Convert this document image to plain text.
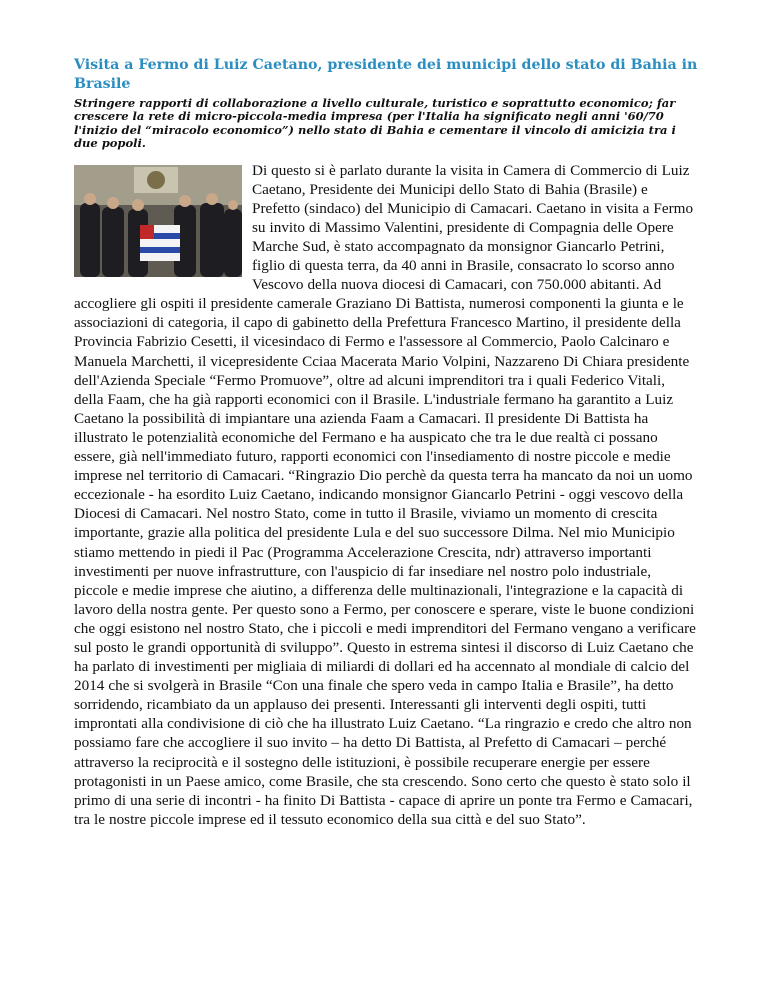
Visita a Fermo di Luiz Caetano, presidente dei municipi dello stato di Bahia in Brasile

Stringere rapporti di collaborazione a livello culturale, turistico e soprattutto economico; far crescere la rete di micro-piccola-media impresa (per l'Italia ha significato negli anni '60/70 l'inizio del “miracolo economico”) nello stato di Bahia e cementare il vincolo di amicizia tra i due popoli.

Di questo si è parlato durante la visita in Camera di Commercio di Luiz Caetano, Presidente dei Municipi dello Stato di Bahia (Brasile) e Prefetto (sindaco) del Municipio di Camacari. Caetano in visita a Fermo su invito di Massimo Valentini, presidente di Compagnia delle Opere Marche Sud, è stato accompagnato da monsignor Giancarlo Petrini, figlio di questa terra, da 40 anni in Brasile, consacrato lo scorso anno Vescovo della nuova diocesi di Camacari, con 750.000 abitanti. Ad accogliere gli ospiti il presidente camerale Graziano Di Battista, numerosi componenti la giunta e le associazioni di categoria, il capo di gabinetto della Prefettura Francesco Martino, il presidente della Provincia Fabrizio Cesetti, il vicesindaco di Fermo e l'assessore al Commercio, Paolo Calcinaro e Manuela Marchetti, il vicepresidente Cciaa Macerata Mario Volpini, Nazzareno Di Chiara presidente dell'Azienda Speciale “Fermo Promuove”, oltre ad alcuni imprenditori tra i quali Federico Vitali, della Faam, che ha già rapporti economici con il Brasile. L'industriale fermano ha garantito a Luiz Caetano la possibilità di impiantare una azienda Faam a Camacari. Il presidente Di Battista ha illustrato le potenzialità economiche del Fermano e ha auspicato che tra le due realtà ci possano essere, già nell'immediato futuro, rapporti economici con l'insediamento di nostre piccole e medie imprese nel territorio di Camacari. “Ringrazio Dio perchè da questa terra ha mancato da noi un uomo eccezionale - ha esordito Luiz Caetano, indicando monsignor Giancarlo Petrini - oggi vescovo della Diocesi di Camacari. Nel nostro Stato, come in tutto il Brasile, viviamo un momento di crescita importante, grazie alla politica del presidente Lula e del suo successore Dilma. Nel mio Municipio stiamo mettendo in piedi il Pac (Programma Accelerazione Crescita, ndr) attraverso importanti investimenti per nuove infrastrutture, con l'auspicio di far insediare nel nostro polo industriale, piccole e medie imprese che aiutino, a differenza delle multinazionali, l'integrazione e la capacità di lavoro della nostra gente. Per questo sono a Fermo, per conoscere e sperare, viste le buone condizioni che oggi esistono nel nostro Stato, che i piccoli e medi imprenditori del Fermano vengano a verificare sul posto le grandi opportunità di sviluppo”. Questo in estrema sintesi il discorso di Luiz Caetano che ha parlato di investimenti per migliaia di miliardi di dollari ed ha accennato al mondiale di calcio del 2014 che si svolgerà in Brasile “Con una finale che spero veda in campo Italia e Brasile”, ha detto sorridendo, ricambiato da un applauso dei presenti. Interessanti gli interventi degli ospiti, tutti improntati alla condivisione di ciò che ha illustrato Luiz Caetano. “La ringrazio e credo che altro non possiamo fare che accogliere il suo invito – ha detto Di Battista, al Prefetto di Camacari – perché attraverso la reciprocità e il sostegno delle istituzioni, è possibile recuperare energie per essere protagonisti in un Paese amico, come Brasile, che sta crescendo. Sono certo che questo è stato solo il primo di una serie di incontri - ha finito Di Battista - capace di aprire un ponte tra Fermo e Camacari, tra le nostre piccole imprese ed il tessuto economico della sua città e del suo Stato”.
